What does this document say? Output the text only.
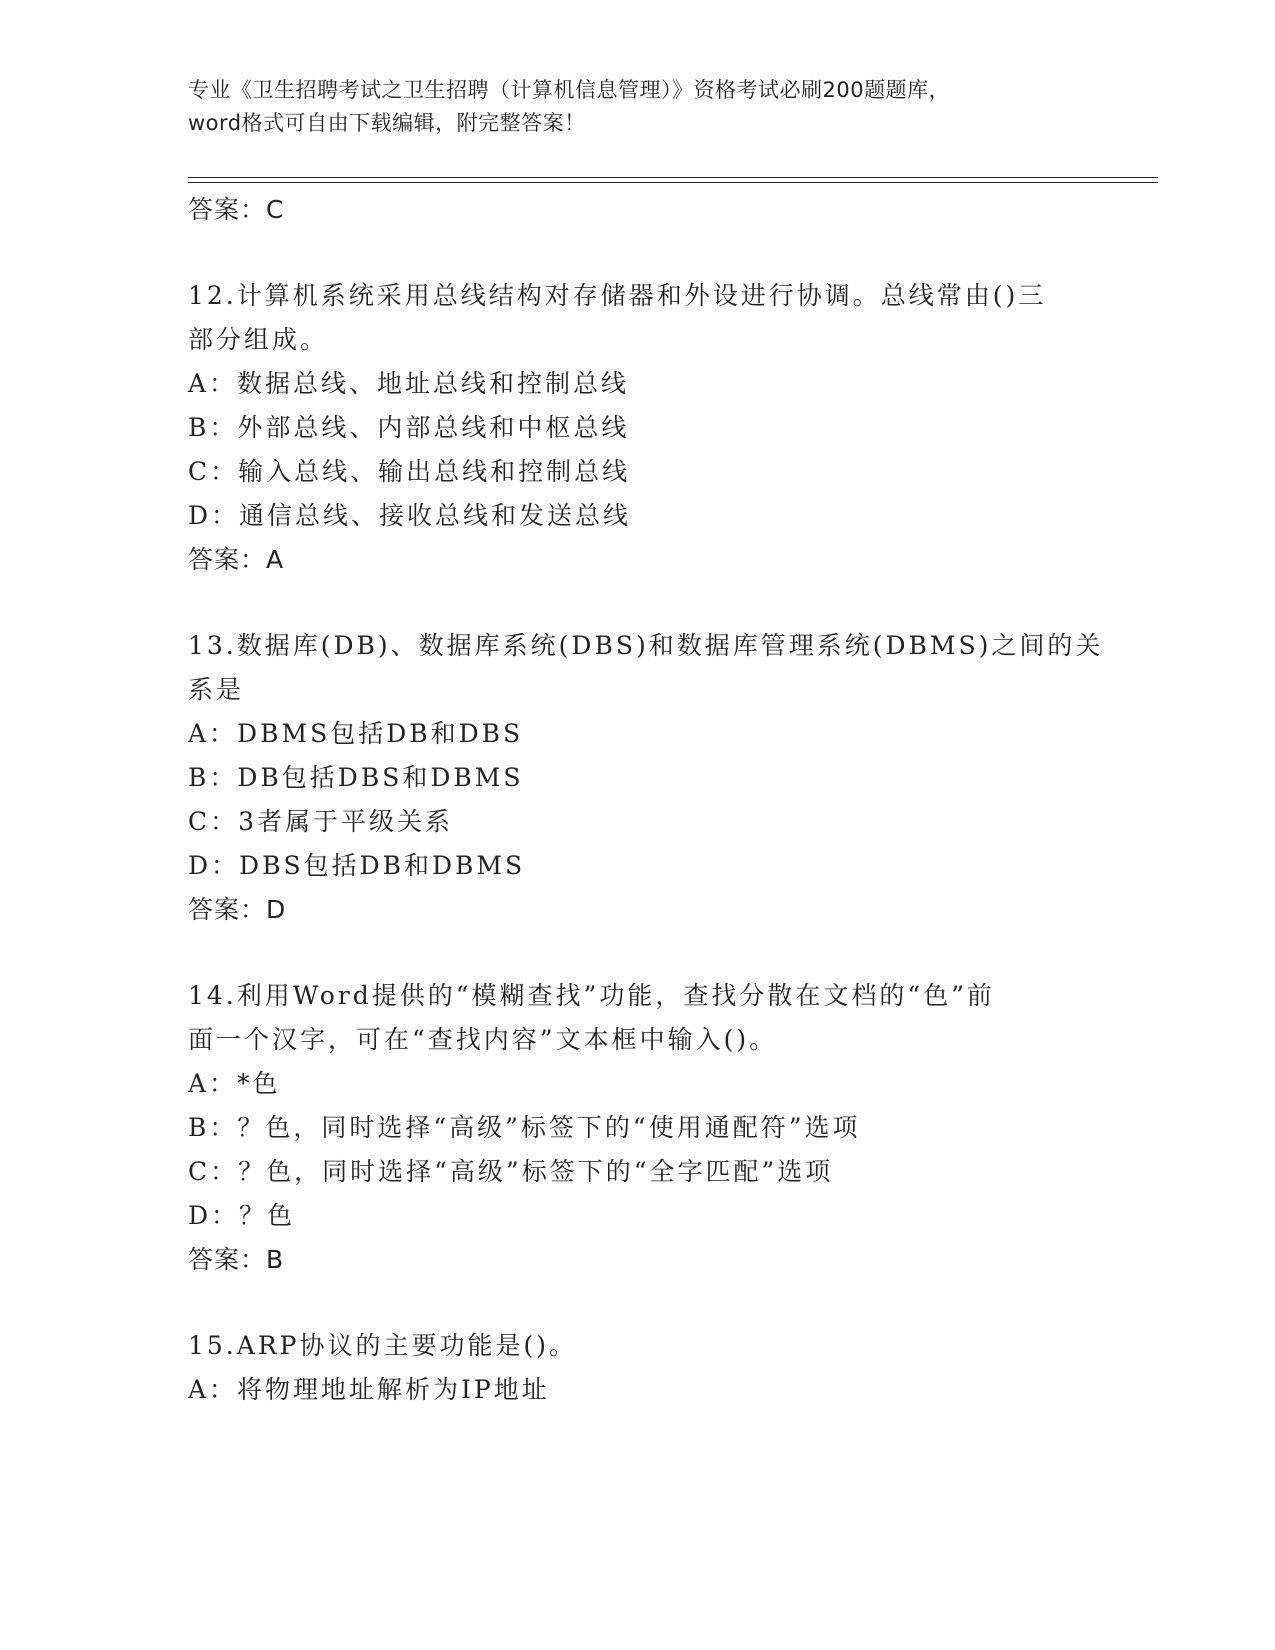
专业《卫生招聘考试之卫生招聘（计算机信息管理）》资格考试必刷200题题库，
word格式可自由下载编辑，附完整答案！
答案：C
12.计算机系统采用总线结构对存储器和外设进行协调。总线常由()三
部分组成。
A：数据总线、地址总线和控制总线
B：外部总线、内部总线和中枢总线
C：输入总线、输出总线和控制总线
D：通信总线、接收总线和发送总线
答案：A
13.数据库(DB)、数据库系统(DBS)和数据库管理系统(DBMS)之间的关
系是
A：DBMS包括DB和DBS
B：DB包括DBS和DBMS
C：3者属于平级关系
D：DBS包括DB和DBMS
答案：D
14.利用Word提供的“模糊查找”功能，查找分散在文档的“色”前
面一个汉字，可在“查找内容”文本框中输入()。
A：*色
B：？色，同时选择“高级”标签下的“使用通配符”选项
C：？色，同时选择“高级”标签下的“全字匹配”选项
D：？色
答案：B
15.ARP协议的主要功能是()。
A：将物理地址解析为IP地址
